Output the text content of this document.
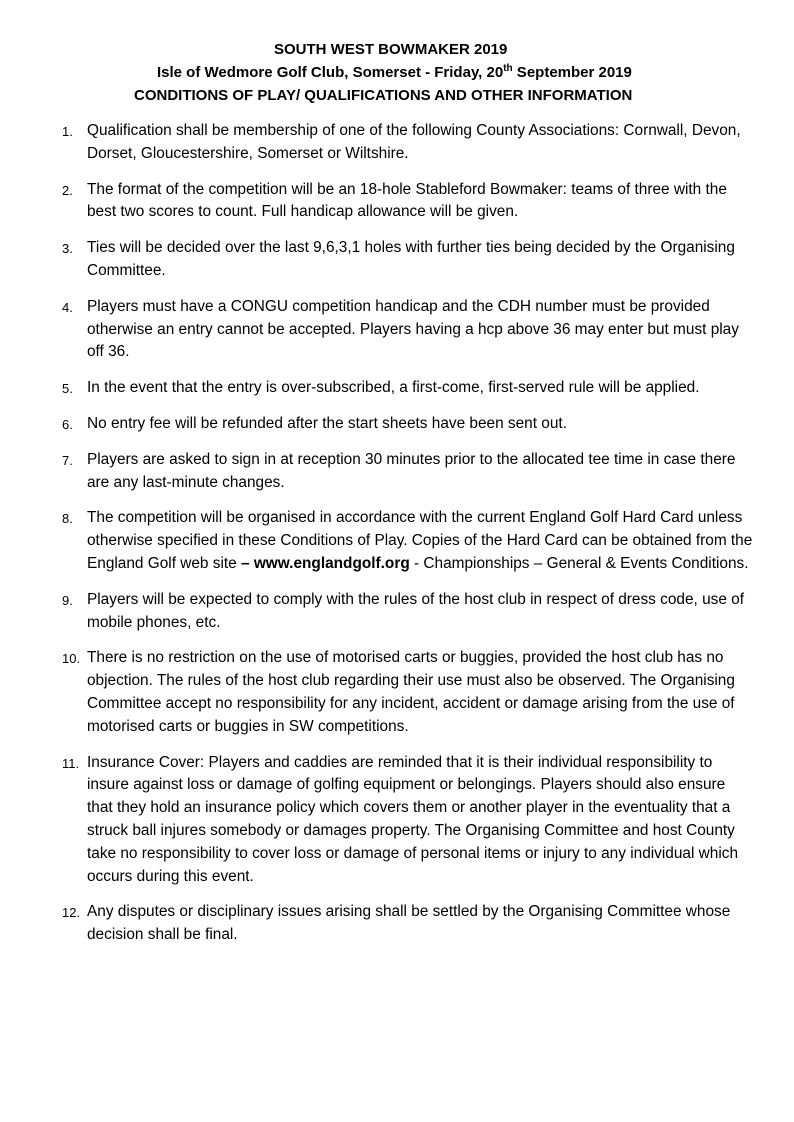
SOUTH WEST BOWMAKER 2019
Isle of Wedmore Golf Club, Somerset - Friday, 20th September 2019
CONDITIONS OF PLAY/ QUALIFICATIONS AND OTHER INFORMATION
1. Qualification shall be membership of one of the following County Associations: Cornwall, Devon, Dorset, Gloucestershire, Somerset or Wiltshire.
2. The format of the competition will be an 18-hole Stableford Bowmaker: teams of three with the best two scores to count. Full handicap allowance will be given.
3. Ties will be decided over the last 9,6,3,1 holes with further ties being decided by the Organising Committee.
4. Players must have a CONGU competition handicap and the CDH number must be provided otherwise an entry cannot be accepted. Players having a hcp above 36 may enter but must play off 36.
5. In the event that the entry is over-subscribed, a first-come, first-served rule will be applied.
6. No entry fee will be refunded after the start sheets have been sent out.
7. Players are asked to sign in at reception 30 minutes prior to the allocated tee time in case there are any last-minute changes.
8. The competition will be organised in accordance with the current England Golf Hard Card unless otherwise specified in these Conditions of Play. Copies of the Hard Card can be obtained from the England Golf web site – www.englandgolf.org - Championships – General & Events Conditions.
9. Players will be expected to comply with the rules of the host club in respect of dress code, use of mobile phones, etc.
10. There is no restriction on the use of motorised carts or buggies, provided the host club has no objection. The rules of the host club regarding their use must also be observed. The Organising Committee accept no responsibility for any incident, accident or damage arising from the use of motorised carts or buggies in SW competitions.
11. Insurance Cover: Players and caddies are reminded that it is their individual responsibility to insure against loss or damage of golfing equipment or belongings. Players should also ensure that they hold an insurance policy which covers them or another player in the eventuality that a struck ball injures somebody or damages property. The Organising Committee and host County take no responsibility to cover loss or damage of personal items or injury to any individual which occurs during this event.
12. Any disputes or disciplinary issues arising shall be settled by the Organising Committee whose decision shall be final.
